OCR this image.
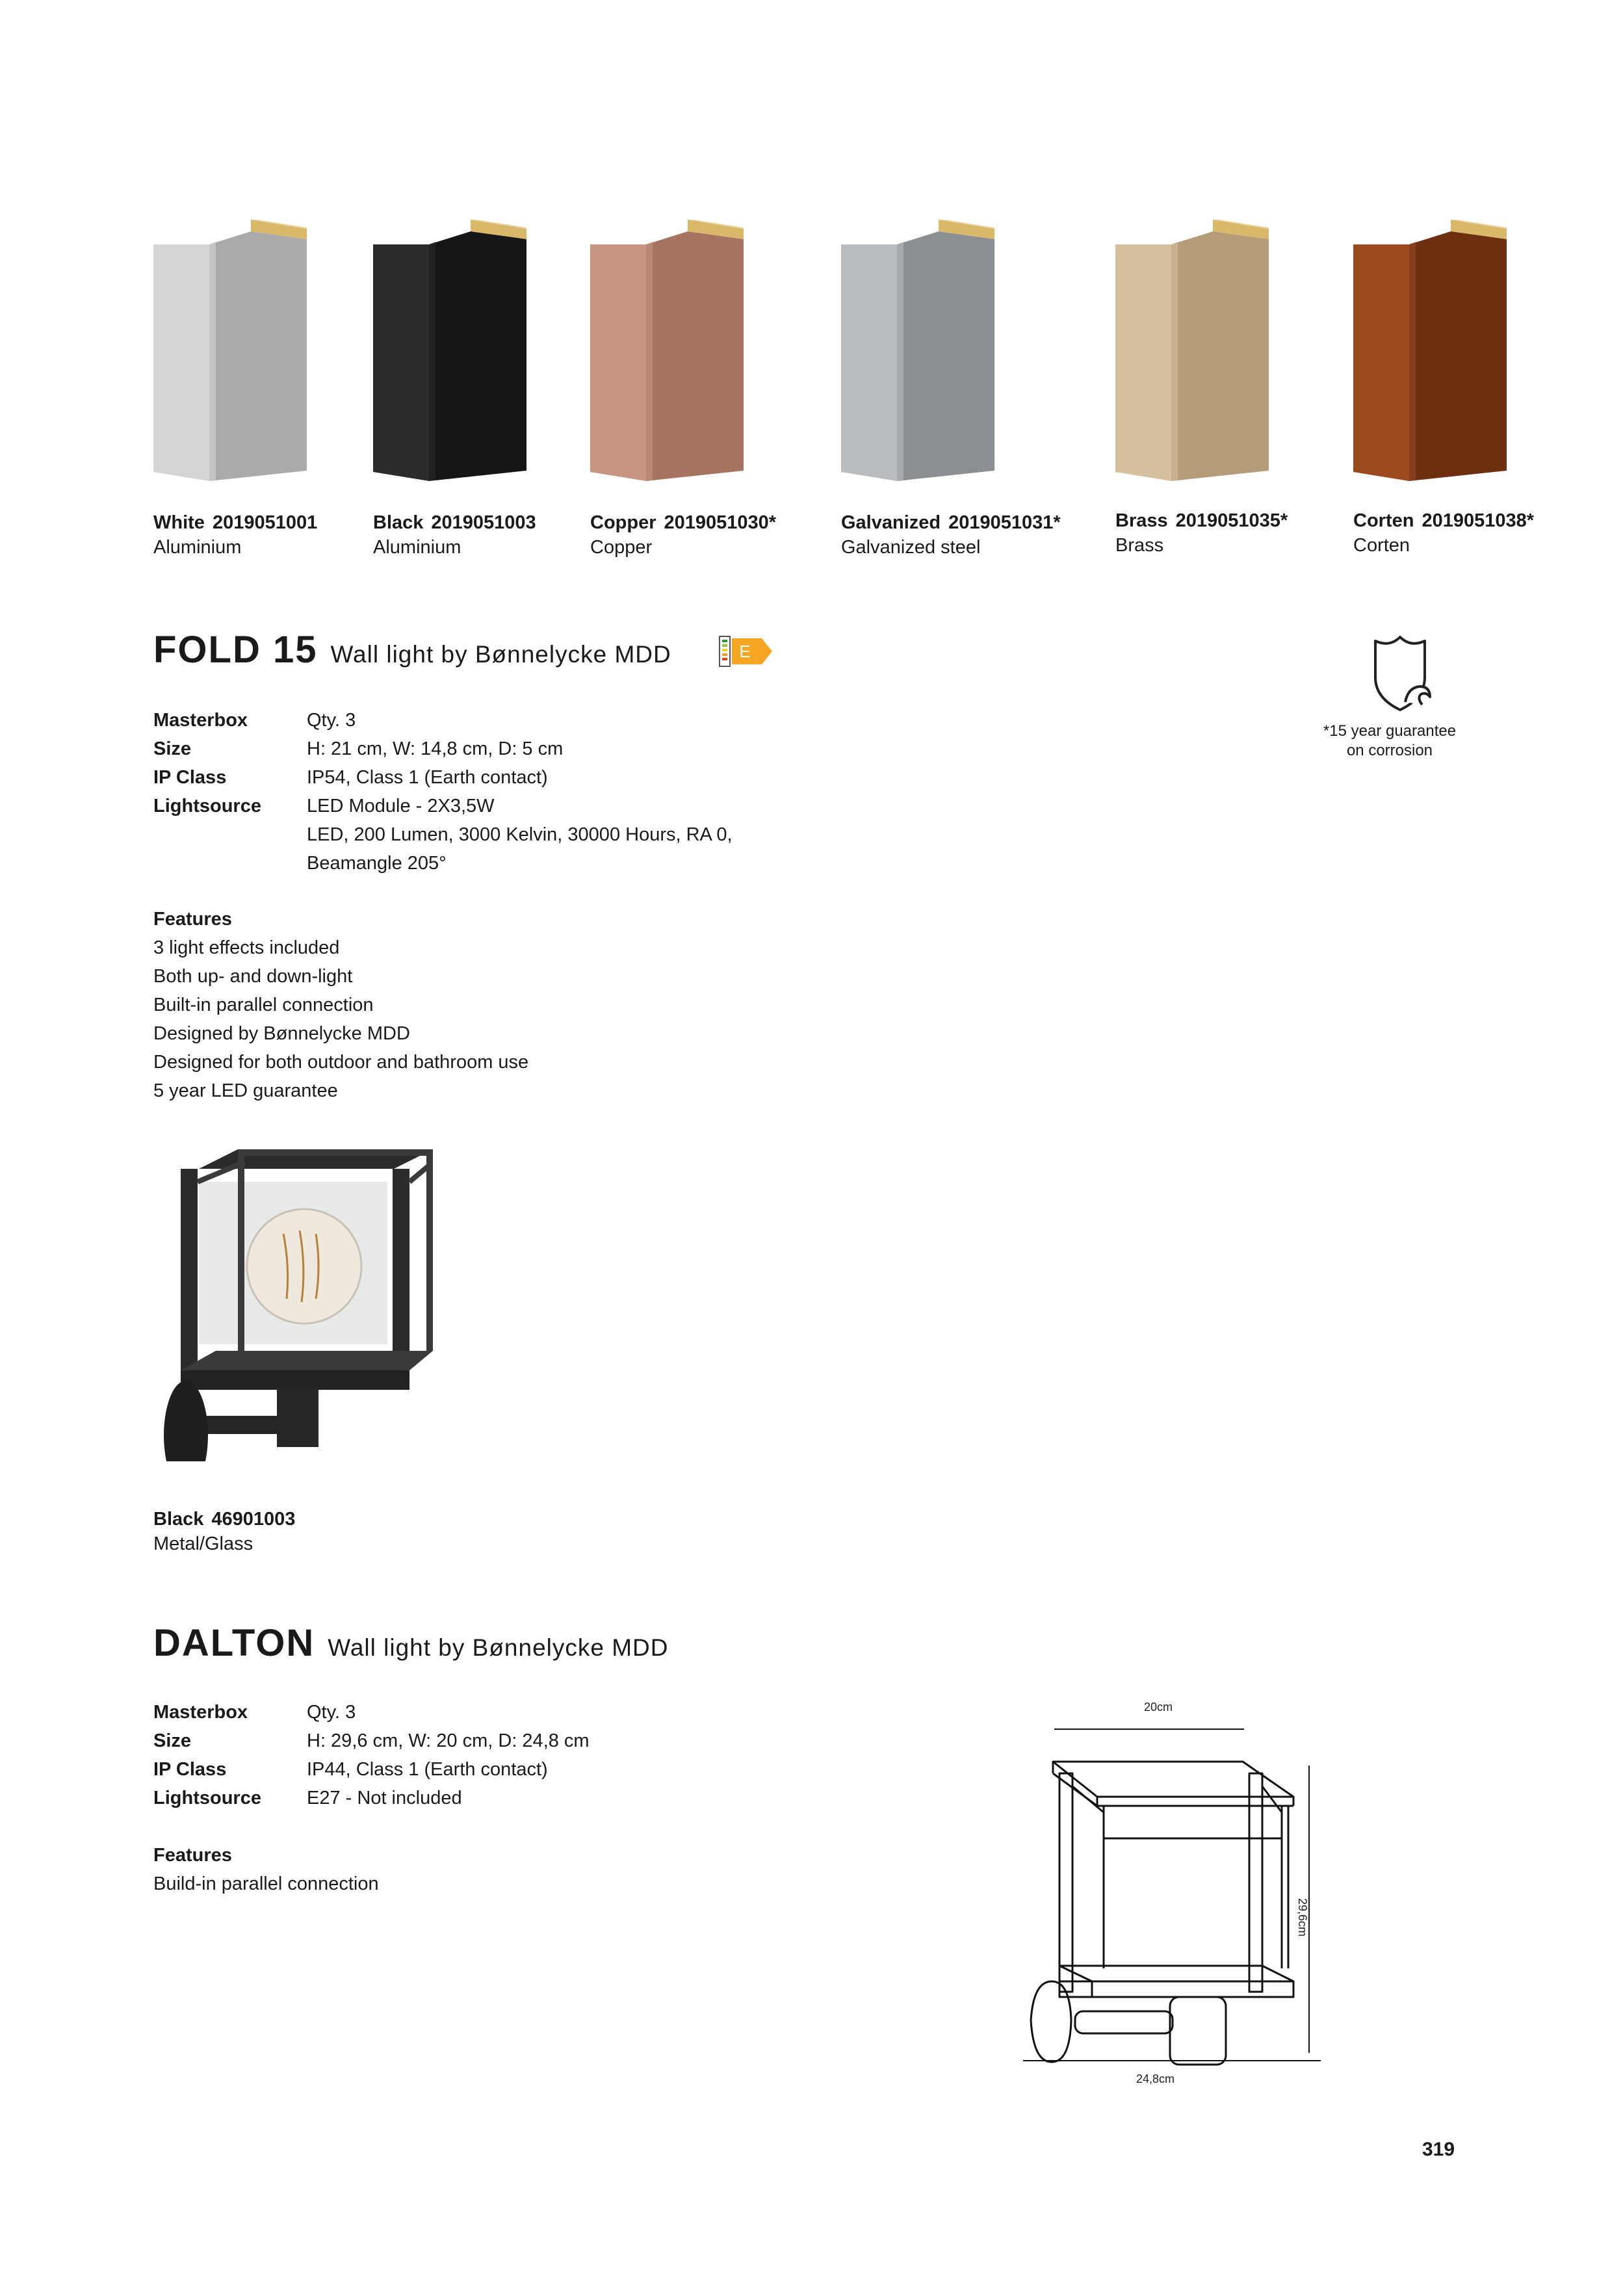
White 2019051001
Aluminium
Black 2019051003
Aluminium
Copper 2019051030*
Copper
Galvanized 2019051031*
Galvanized steel
Brass 2019051035*
Brass
Corten 2019051038*
Corten
FOLD 15 Wall light by Bønnelycke MDD	E
*15 year guarantee
on corrosion
Masterbox	Qty. 3
Size	H: 21 cm, W: 14,8 cm, D: 5 cm
IP Class	IP54, Class 1 (Earth contact)
Lightsource	LED Module - 2X3,5W
LED, 200 Lumen, 3000 Kelvin, 30000 Hours, RA 0,
Beamangle 205°
Features
3 light effects included
Both up- and down-light
Built-in parallel connection
Designed by Bønnelycke MDD
Designed for both outdoor and bathroom use
5 year LED guarantee
Black 46901003
Metal/Glass
DALTON Wall light by Bønnelycke MDD
Masterbox	Qty. 3
Size	H: 29,6 cm, W: 20 cm, D: 24,8 cm
IP Class	IP44, Class 1 (Earth contact)
Lightsource	E27 - Not included
Features
Build-in parallel connection
20cm
29,6cm
24,8cm
319
